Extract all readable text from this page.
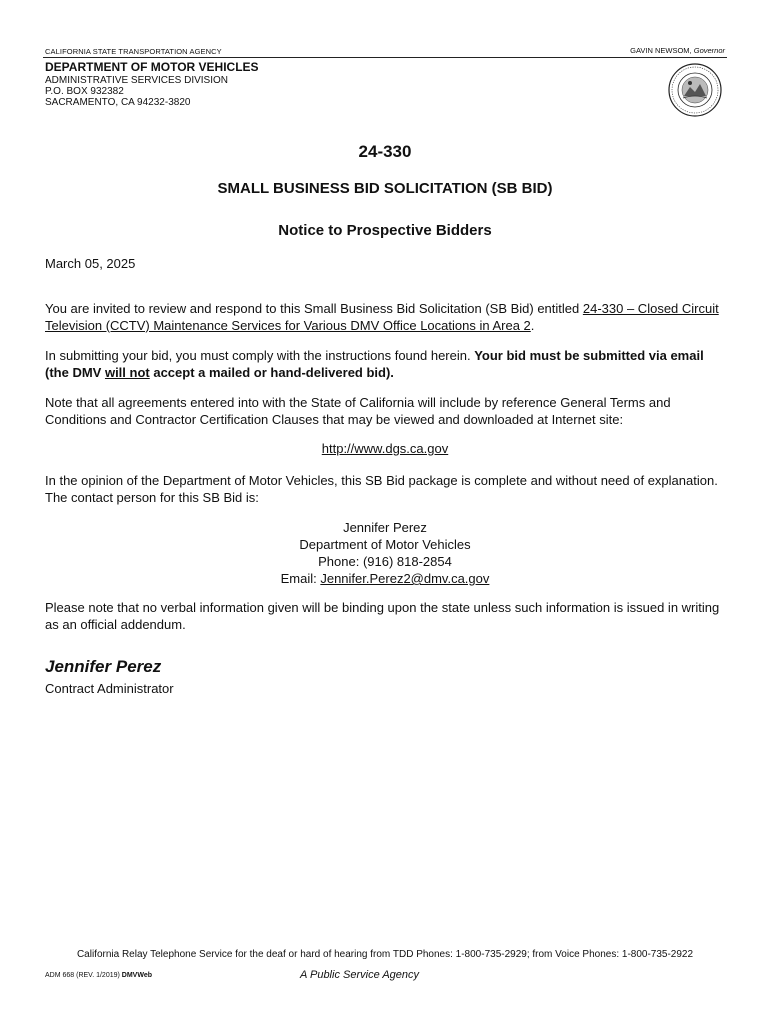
CALIFORNIA STATE TRANSPORTATION AGENCY	GAVIN NEWSOM, Governor
DEPARTMENT OF MOTOR VEHICLES
ADMINISTRATIVE SERVICES DIVISION
P.O. BOX 932382
SACRAMENTO, CA 94232-3820
24-330
SMALL BUSINESS BID SOLICITATION (SB BID)
Notice to Prospective Bidders
March 05, 2025
You are invited to review and respond to this Small Business Bid Solicitation (SB Bid) entitled 24-330 – Closed Circuit Television (CCTV) Maintenance Services for Various DMV Office Locations in Area 2.
In submitting your bid, you must comply with the instructions found herein. Your bid must be submitted via email (the DMV will not accept a mailed or hand-delivered bid).
Note that all agreements entered into with the State of California will include by reference General Terms and Conditions and Contractor Certification Clauses that may be viewed and downloaded at Internet site:
http://www.dgs.ca.gov
In the opinion of the Department of Motor Vehicles, this SB Bid package is complete and without need of explanation. The contact person for this SB Bid is:
Jennifer Perez
Department of Motor Vehicles
Phone: (916) 818-2854
Email: Jennifer.Perez2@dmv.ca.gov
Please note that no verbal information given will be binding upon the state unless such information is issued in writing as an official addendum.
Jennifer Perez
Contract Administrator
California Relay Telephone Service for the deaf or hard of hearing from TDD Phones: 1-800-735-2929; from Voice Phones: 1-800-735-2922
ADM 668 (REV. 1/2019) DMVWeb	A Public Service Agency
